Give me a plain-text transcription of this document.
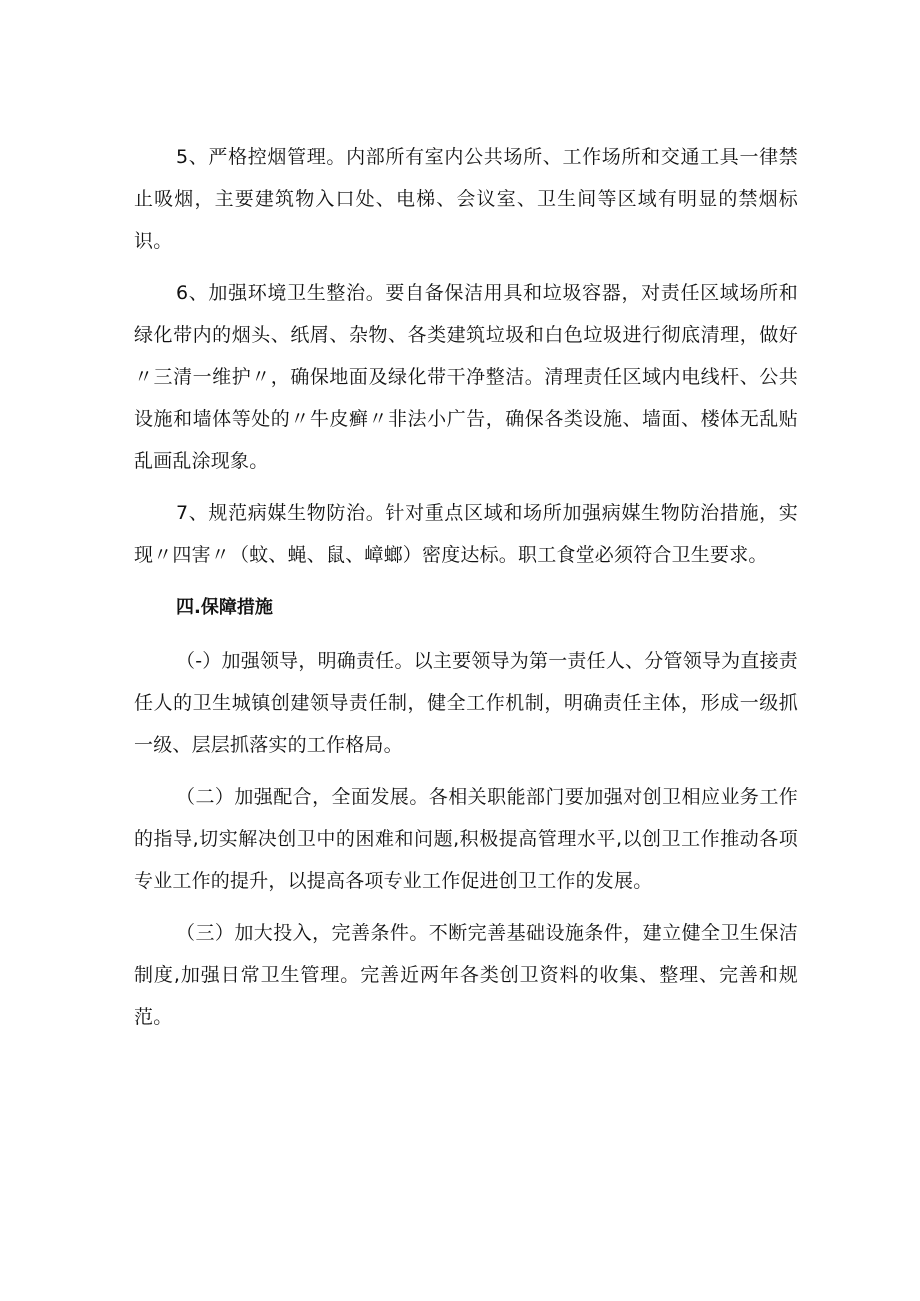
5、严格控烟管理。内部所有室内公共场所、工作场所和交通工具一律禁止吸烟，主要建筑物入口处、电梯、会议室、卫生间等区域有明显的禁烟标识。

6、加强环境卫生整治。要自备保洁用具和垃圾容器，对责任区域场所和绿化带内的烟头、纸屑、杂物、各类建筑垃圾和白色垃圾进行彻底清理，做好〃三清一维护〃，确保地面及绿化带干净整洁。清理责任区域内电线杆、公共设施和墙体等处的〃牛皮癣〃非法小广告，确保各类设施、墙面、楼体无乱贴乱画乱涂现象。

7、规范病媒生物防治。针对重点区域和场所加强病媒生物防治措施，实现〃四害〃（蚊、蝇、鼠、嶂螂）密度达标。职工食堂必须符合卫生要求。

四.保障措施

（-）加强领导，明确责任。以主要领导为第一责任人、分管领导为直接责任人的卫生城镇创建领导责任制，健全工作机制，明确责任主体，形成一级抓一级、层层抓落实的工作格局。

（二）加强配合，全面发展。各相关职能部门要加强对创卫相应业务工作的指导,切实解决创卫中的困难和问题,积极提高管理水平,以创卫工作推动各项专业工作的提升，以提高各项专业工作促进创卫工作的发展。

（三）加大投入，完善条件。不断完善基础设施条件，建立健全卫生保洁制度,加强日常卫生管理。完善近两年各类创卫资料的收集、整理、完善和规范。
